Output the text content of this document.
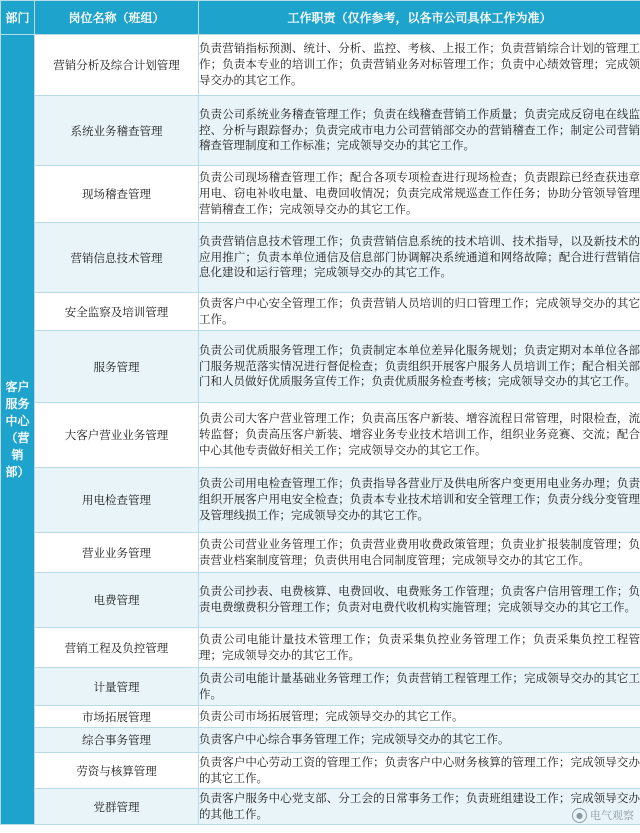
部门	岗位名称（班组）	工作职责（仅作参考，以各市公司具体工作为准）
客户服务中心（营销部）	营销分析及综合计划管理	负责营销指标预测、统计、分析、监控、考核、上报工作；负责营销综合计划的管理工作；负责本专业的培训工作；负责营销业务对标管理工作；负责中心绩效管理；完成领导交办的其它工作。
	系统业务稽查管理	负责公司系统业务稽查管理工作；负责在线稽查营销工作质量；负责完成反窃电在线监控、分析与跟踪督办；负责完成市电力公司营销部交办的营销稽查工作；制定公司营销稽查管理制度和工作标准；完成领导交办的其它工作。
	现场稽查管理	负责公司现场稽查管理工作；配合各项专项检查进行现场检查；负责跟踪已经查获违章用电、窃电补收电量、电费回收情况；负责完成常规巡查工作任务；协助分管领导管理营销稽查工作；完成领导交办的其它工作。
	营销信息技术管理	负责营销信息技术管理工作；负责营销信息系统的技术培训、技术指导，以及新技术的应用推广；负责本单位通信及信息部门协调解决系统通道和网络故障；配合进行营销信息化建设和运行管理；完成领导交办的其它工作。
	安全监察及培训管理	负责客户中心安全管理工作；负责营销人员培训的归口管理工作；完成领导交办的其它工作。
	服务管理	负责公司优质服务管理工作；负责制定本单位差异化服务规划；负责定期对本单位各部门服务规范落实情况进行督促检查；负责组织开展客户服务人员培训工作；配合相关部门和人员做好优质服务宣传工作；负责优质服务检查考核；完成领导交办的其它工作。
	大客户营业业务管理	负责公司大客户营业管理工作；负责高压客户新装、增容流程日常管理，时限检查，流转监督；负责高压客户新装、增容业务专业技术培训工作，组织业务竞赛、交流；配合中心其他专责做好相关工作；完成领导交办的其它工作。
	用电检查管理	负责公司用电检查管理工作；负责指导各营业厅及供电所客户变更用电业务办理；负责组织开展客户用电安全检查；负责本专业技术培训和安全管理工作；负责分线分变管理及管理线损工作；完成领导交办的其它工作。
	营业业务管理	负责公司营业业务管理工作；负责营业费用收费政策管理；负责业扩报装制度管理；负责营业档案制度管理；负责供用电合同制度管理；完成领导交办的其它工作。
	电费管理	负责公司抄表、电费核算、电费回收、电费账务工作管理；负责客户信用管理工作；负责电费缴费积分管理工作；负责对电费代收机构实施管理；完成领导交办的其它工作。
	营销工程及负控管理	负责公司电能计量技术管理工作；负责采集负控业务管理工作；负责采集负控工程管理；完成领导交办的其它工作。
	计量管理	负责公司电能计量基础业务管理工作；负责营销工程管理工作；完成领导交办的其它工作。
	市场拓展管理	负责公司市场拓展管理；完成领导交办的其它工作。
	综合事务管理	负责客户中心综合事务管理工作；完成领导交办的其它工作。
	劳资与核算管理	负责客户中心劳动工资的管理工作；负责客户中心财务核算的管理工作；完成领导交办的其它工作。
	党群管理	负责客户服务中心党支部、分工会的日常事务工作；负责班组建设工作；完成领导交办的其他工作。	● 电气观察
